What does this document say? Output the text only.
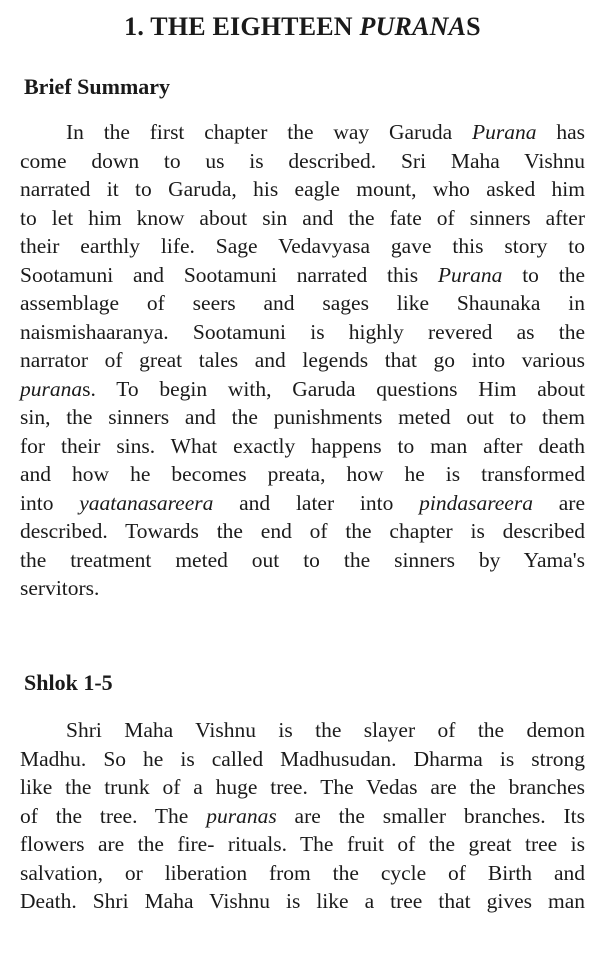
1. THE EIGHTEEN PURANAS
Brief Summary
In the first chapter the way Garuda Purana has
come down to us is described. Sri Maha Vishnu
narrated it to Garuda, his eagle mount, who asked him
to let him know about sin and the fate of sinners after
their earthly life. Sage Vedavyasa gave this story to
Sootamuni and Sootamuni narrated this Purana to the
assemblage of seers and sages like Shaunaka in
naismishaaranya. Sootamuni is highly revered as the
narrator of great tales and legends that go into various
puranas. To begin with, Garuda questions Him about
sin, the sinners and the punishments meted out to them
for their sins. What exactly happens to man after death
and how he becomes preata, how he is transformed
into yaatanasareera and later into pindasareera are
described. Towards the end of the chapter is described
the treatment meted out to the sinners by Yama's
servitors.
Shlok 1-5
Shri Maha Vishnu is the slayer of the demon
Madhu. So he is called Madhusudan. Dharma is strong
like the trunk of a huge tree. The Vedas are the branches
of the tree. The puranas are the smaller branches. Its
flowers are the fire- rituals. The fruit of the great tree is
salvation, or liberation from the cycle of Birth and
Death. Shri Maha Vishnu is like a tree that gives man
